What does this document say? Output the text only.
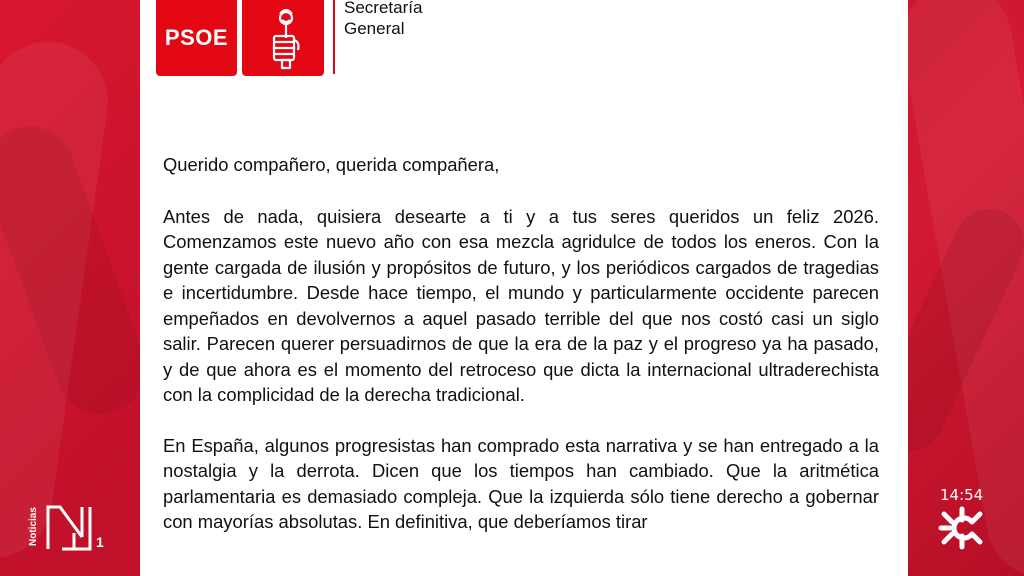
PSOE
Secretaría
General

Querido compañero, querida compañera,

Antes de nada, quisiera desearte a ti y a tus seres queridos un feliz 2026. Comenzamos este nuevo año con esa mezcla agridulce de todos los eneros. Con la gente cargada de ilusión y propósitos de futuro, y los periódicos cargados de tragedias e incertidumbre. Desde hace tiempo, el mundo y particularmente occidente parecen empeñados en devolvernos a aquel pasado terrible del que nos costó casi un siglo salir. Parecen querer persuadirnos de que la era de la paz y el progreso ya ha pasado, y de que ahora es el momento del retroceso que dicta la internacional ultraderechista con la complicidad de la derecha tradicional.

En España, algunos progresistas han comprado esta narrativa y se han entregado a la nostalgia y la derrota. Dicen que los tiempos han cambiado. Que la aritmética parlamentaria es demasiado compleja. Que la izquierda sólo tiene derecho a gobernar con mayorías absolutas. En definitiva, que deberíamos tirar

Noticias	1
14:54
